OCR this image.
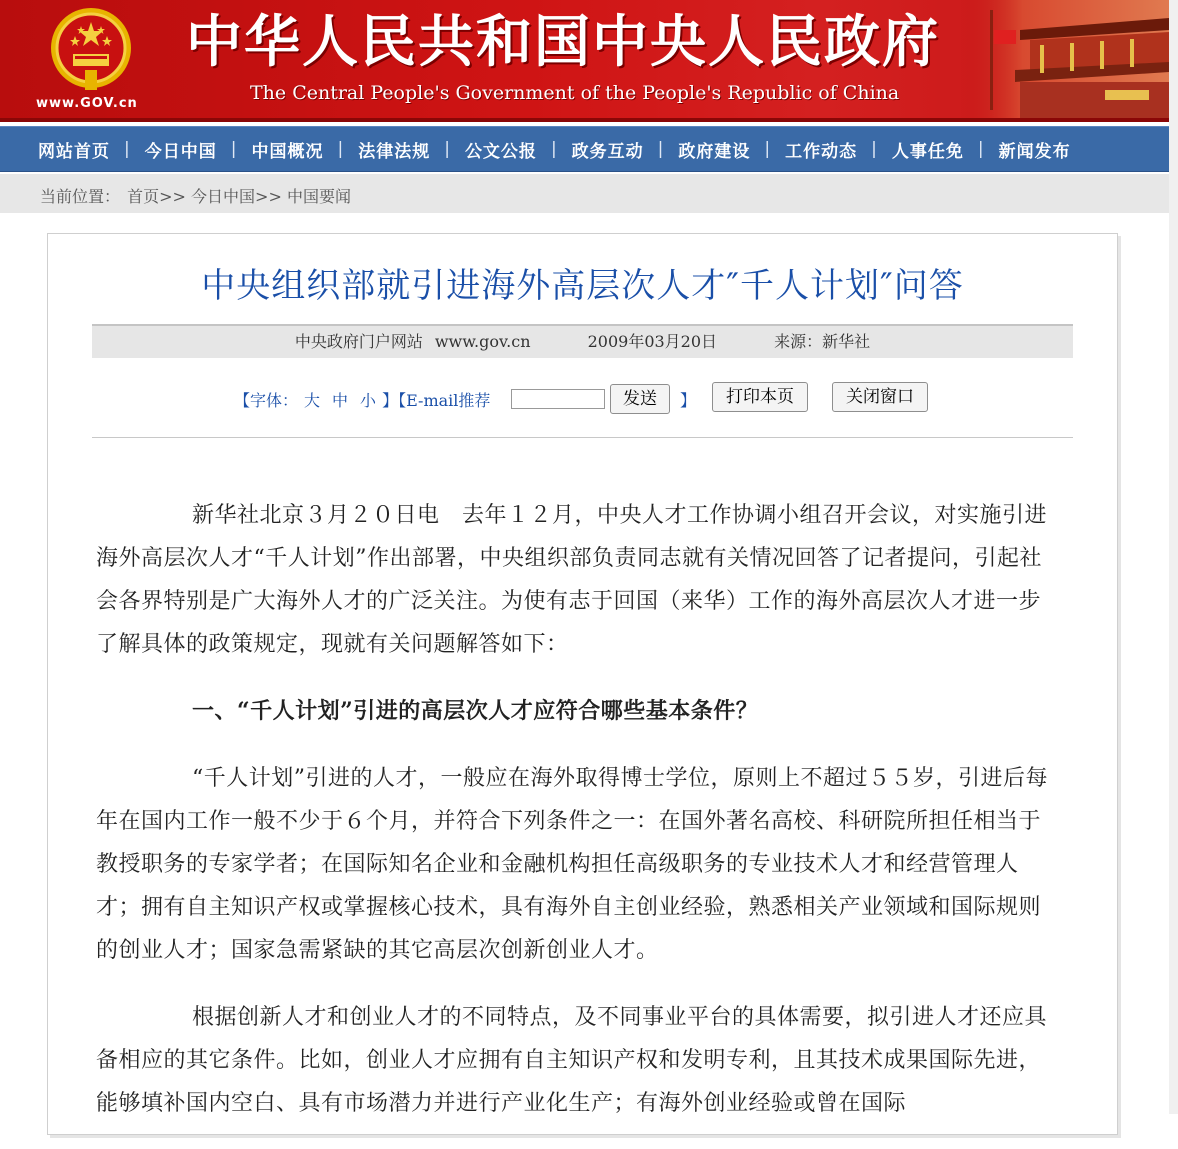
www.GOV.cn
中华人民共和国中央人民政府
The Central People's Government of the People's Republic of China
网站首页 | 今日中国 | 中国概况 | 法律法规 | 公文公报 | 政务互动 | 政府建设 | 工作动态 | 人事任免 | 新闻发布
当前位置： 首页>> 今日中国>> 中国要闻
中央组织部就引进海外高层次人才″千人计划″问答
中央政府门户网站 www.gov.cn	2009年03月20日	来源：新华社
【字体： 大 中 小 】【E-mail推荐	发送	】	打印本页	关闭窗口

新华社北京３月２０日电　去年１２月，中央人才工作协调小组召开会议，对实施引进海外高层次人才“千人计划”作出部署，中央组织部负责同志就有关情况回答了记者提问，引起社会各界特别是广大海外人才的广泛关注。为使有志于回国（来华）工作的海外高层次人才进一步了解具体的政策规定，现就有关问题解答如下：

一、“千人计划”引进的高层次人才应符合哪些基本条件？

“千人计划”引进的人才，一般应在海外取得博士学位，原则上不超过５５岁，引进后每年在国内工作一般不少于６个月，并符合下列条件之一：在国外著名高校、科研院所担任相当于教授职务的专家学者；在国际知名企业和金融机构担任高级职务的专业技术人才和经营管理人才；拥有自主知识产权或掌握核心技术，具有海外自主创业经验，熟悉相关产业领域和国际规则的创业人才；国家急需紧缺的其它高层次创新创业人才。

根据创新人才和创业人才的不同特点，及不同事业平台的具体需要，拟引进人才还应具备相应的其它条件。比如，创业人才应拥有自主知识产权和发明专利，且其技术成果国际先进，能够填补国内空白、具有市场潜力并进行产业化生产；有海外创业经验或曾在国际
